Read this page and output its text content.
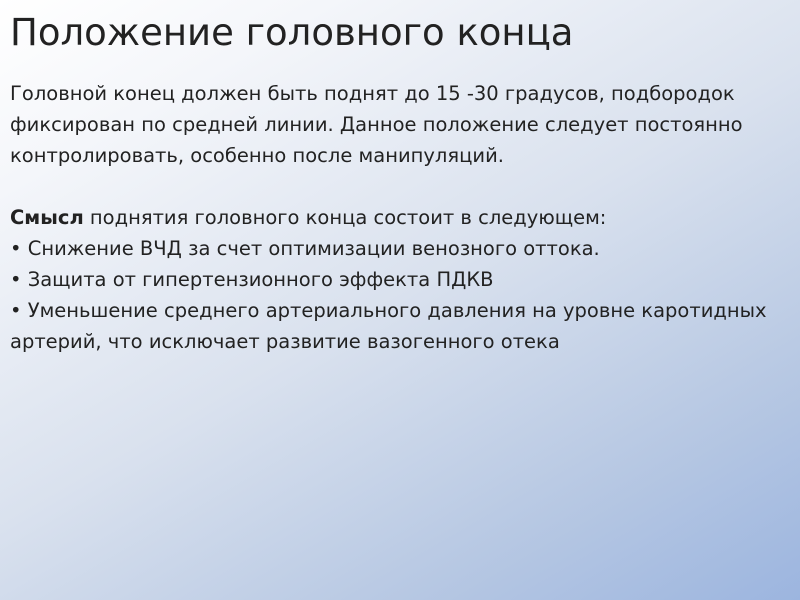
Положение головного конца

Головной конец должен быть поднят до 15 -30 градусов, подбородок фиксирован по средней линии. Данное положение следует постоянно контролировать, особенно после манипуляций.

Смысл поднятия головного конца состоит в следующем:

• Снижение ВЧД за счет оптимизации венозного оттока.

• Защита от гипертензионного эффекта ПДКВ

• Уменьшение среднего артериального давления на уровне каротидных артерий, что исключает развитие вазогенного отека
